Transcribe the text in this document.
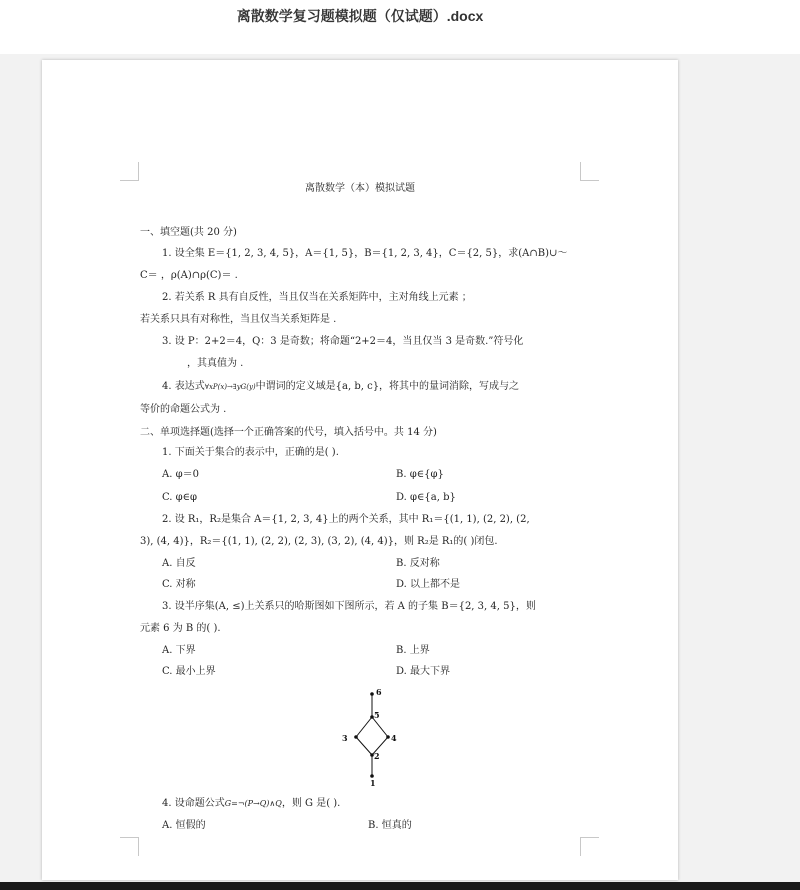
离散数学复习题模拟题（仅试题）.docx
离散数学（本）模拟试题
一、填空题(共 20 分)
1. 设全集 E＝{1, 2, 3, 4, 5}，A＝{1, 5}，B＝{1, 2, 3, 4}，C＝{2, 5}，求(A∩B)∪～
C＝ ，ρ(A)∩ρ(C)＝ .
2. 若关系 R 具有自反性，当且仅当在关系矩阵中，主对角线上元素 ；
若关系只具有对称性，当且仅当关系矩阵是 .
3. 设 P：2+2＝4，Q：3 是奇数；将命题“2+2＝4，当且仅当 3 是奇数.”符号化
，其真值为 .
4. 表达式$^{\forall xP(x)\to\exists yG(y)}$中谓词的定义域是{a, b, c}，将其中的量词消除，写成与之
等价的命题公式为 .
二、单项选择题(选择一个正确答案的代号，填入括号中。共 14 分)
1. 下面关于集合的表示中，正确的是( ).
A. φ＝0	B. φ∈{φ}
C. φ∈φ	D. φ∈{a, b}
2. 设 R₁，R₂是集合 A＝{1, 2, 3, 4}上的两个关系，其中 R₁＝{(1, 1), (2, 2), (2,
3), (4, 4)}，R₂＝{(1, 1), (2, 2), (2, 3), (3, 2), (4, 4)}，则 R₂是 R₁的( )闭包.
A. 自反	B. 反对称
C. 对称	D. 以上都不是
3. 设半序集(A, ≤)上关系只的哈斯图如下图所示，若 A 的子集 B＝{2, 3, 4, 5}，则
元素 6 为 B 的( ).
A. 下界	B. 上界
C. 最小上界	D. 最大下界
1
2
3	4
5
6
4. 设命题公式G=¬(P→Q)∧Q，则 G 是( ).
A. 恒假的	B. 恒真的
